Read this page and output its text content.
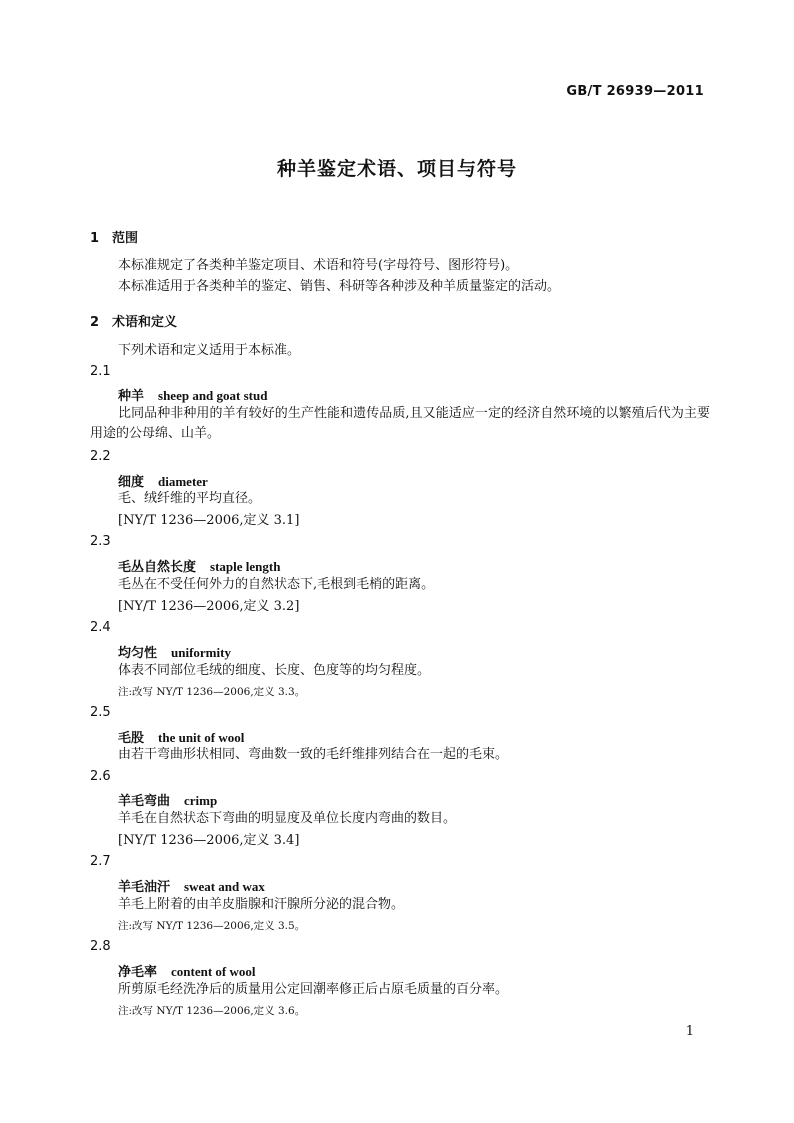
GB/T 26939—2011
种羊鉴定术语、项目与符号
1 范围
本标准规定了各类种羊鉴定项目、术语和符号(字母符号、图形符号)。
本标准适用于各类种羊的鉴定、销售、科研等各种涉及种羊质量鉴定的活动。
2 术语和定义
下列术语和定义适用于本标准。
2.1
种羊 sheep and goat stud
比同品种非种用的羊有较好的生产性能和遗传品质,且又能适应一定的经济自然环境的以繁殖后代为主要用途的公母绵、山羊。
2.2
细度 diameter
毛、绒纤维的平均直径。
[NY/T 1236—2006,定义 3.1]
2.3
毛丛自然长度 staple length
毛丛在不受任何外力的自然状态下,毛根到毛梢的距离。
[NY/T 1236—2006,定义 3.2]
2.4
均匀性 uniformity
体表不同部位毛绒的细度、长度、色度等的均匀程度。
注:改写 NY/T 1236—2006,定义 3.3。
2.5
毛股 the unit of wool
由若干弯曲形状相同、弯曲数一致的毛纤维排列结合在一起的毛束。
2.6
羊毛弯曲 crimp
羊毛在自然状态下弯曲的明显度及单位长度内弯曲的数目。
[NY/T 1236—2006,定义 3.4]
2.7
羊毛油汗 sweat and wax
羊毛上附着的由羊皮脂腺和汗腺所分泌的混合物。
注:改写 NY/T 1236—2006,定义 3.5。
2.8
净毛率 content of wool
所剪原毛经洗净后的质量用公定回潮率修正后占原毛质量的百分率。
注:改写 NY/T 1236—2006,定义 3.6。
1
